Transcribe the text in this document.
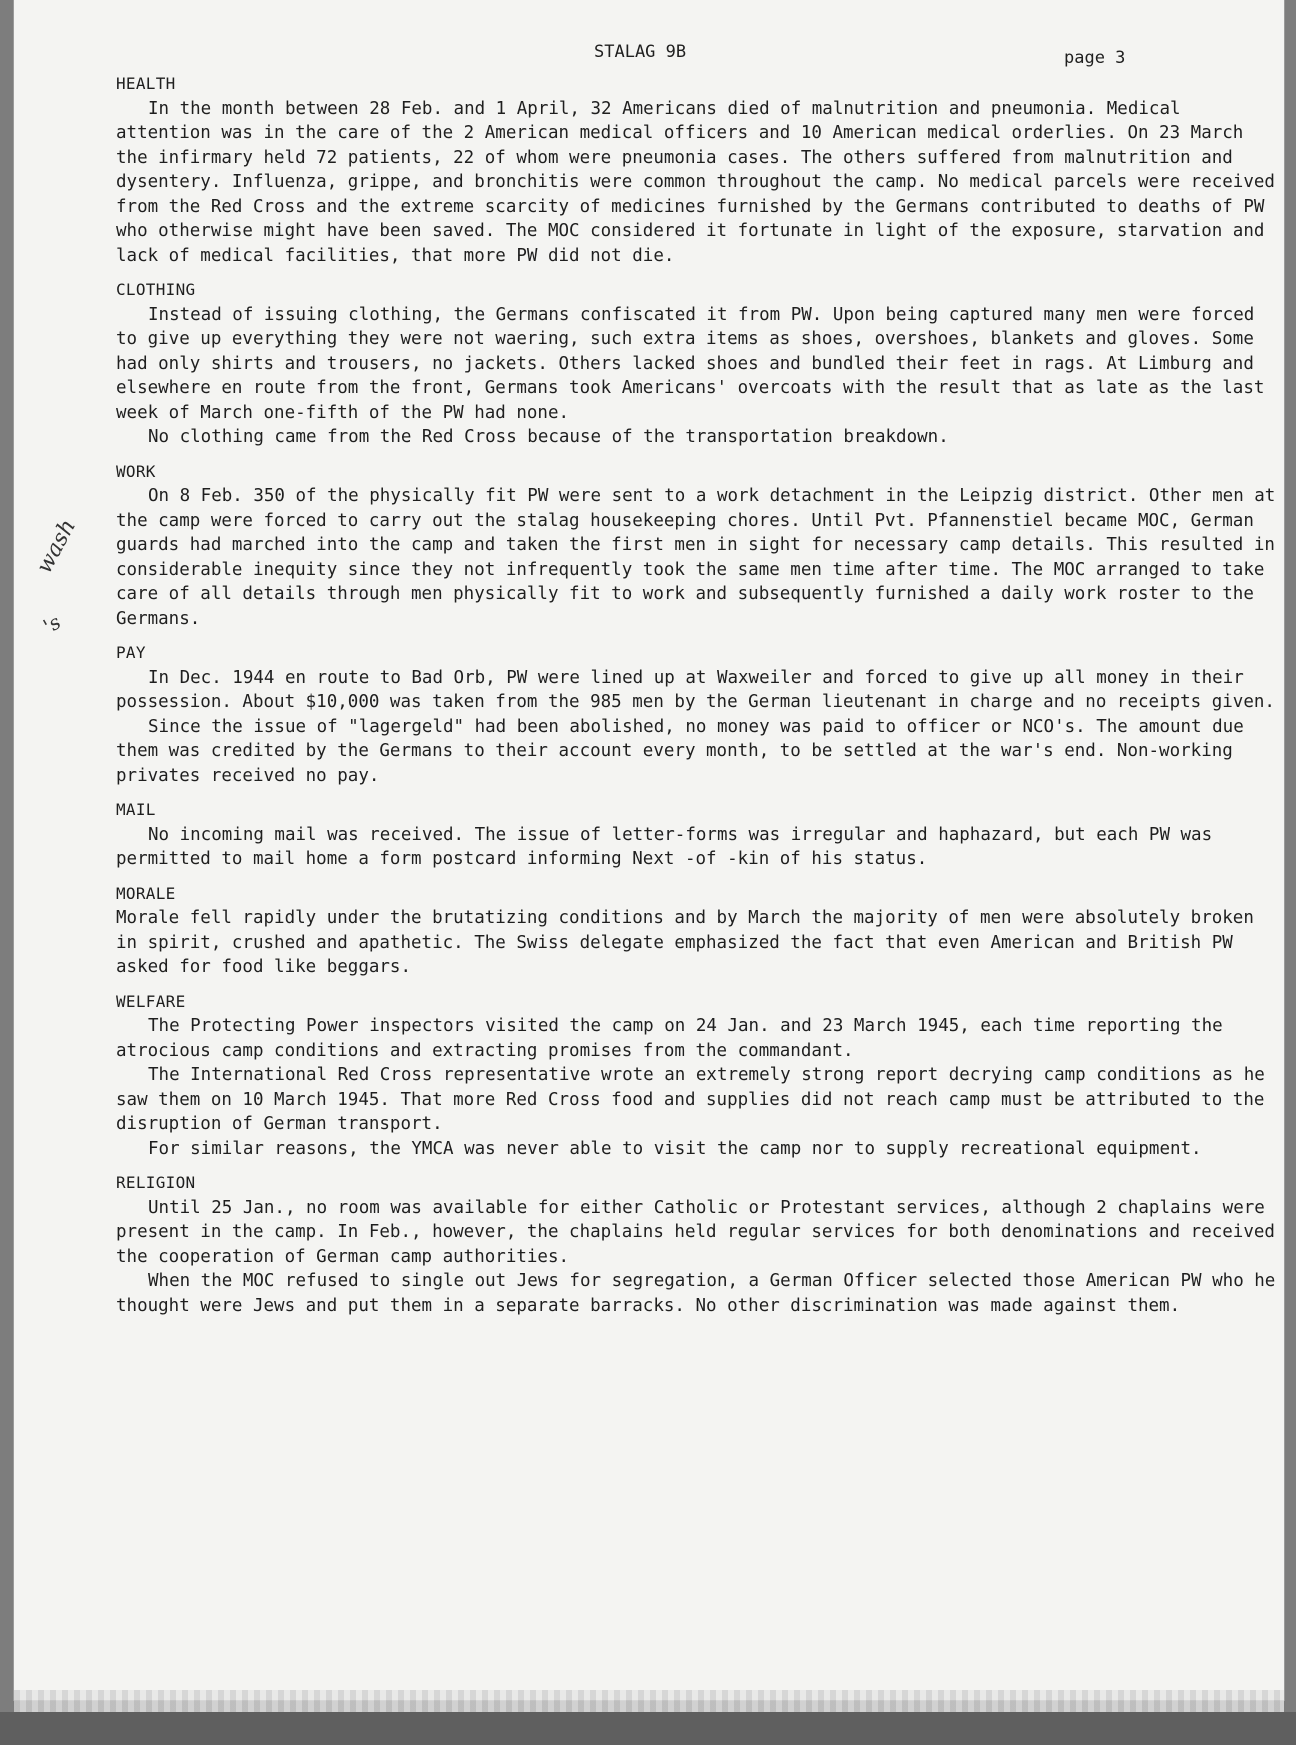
STALAG 9B	page 3
wash
's
HEALTH

In the month between 28 Feb. and 1 April, 32 Americans died of malnutrition and pneumonia. Medical attention was in the care of the 2 American medical officers and 10 American medical orderlies. On 23 March the infirmary held 72 patients, 22 of whom were pneumonia cases. The others suffered from malnutrition and dysentery. Influenza, grippe, and bronchitis were common throughout the camp. No medical parcels were received from the Red Cross and the extreme scarcity of medicines furnished by the Germans contributed to deaths of PW who otherwise might have been saved. The MOC considered it fortunate in light of the exposure, starvation and lack of medical facilities, that more PW did not die.

CLOTHING

Instead of issuing clothing, the Germans confiscated it from PW. Upon being captured many men were forced to give up everything they were not waering, such extra items as shoes, overshoes, blankets and gloves. Some had only shirts and trousers, no jackets. Others lacked shoes and bundled their feet in rags. At Limburg and elsewhere en route from the front, Germans took Americans' overcoats with the result that as late as the last week of March one-fifth of the PW had none.

No clothing came from the Red Cross because of the transportation breakdown.

WORK

On 8 Feb. 350 of the physically fit PW were sent to a work detachment in the Leipzig district. Other men at the camp were forced to carry out the stalag housekeeping chores. Until Pvt. Pfannenstiel became MOC, German guards had marched into the camp and taken the first men in sight for necessary camp details. This resulted in considerable inequity since they not infrequently took the same men time after time. The MOC arranged to take care of all details through men physically fit to work and subsequently furnished a daily work roster to the Germans.

PAY

In Dec. 1944 en route to Bad Orb, PW were lined up at Waxweiler and forced to give up all money in their possession. About $10,000 was taken from the 985 men by the German lieutenant in charge and no receipts given.

Since the issue of "lagergeld" had been abolished, no money was paid to officer or NCO's. The amount due them was credited by the Germans to their account every month, to be settled at the war's end. Non-working privates received no pay.

MAIL

No incoming mail was received. The issue of letter-forms was irregular and haphazard, but each PW was permitted to mail home a form postcard informing Next -of -kin of his status.

MORALE

Morale fell rapidly under the brutatizing conditions and by March the majority of men were absolutely broken in spirit, crushed and apathetic. The Swiss delegate emphasized the fact that even American and British PW asked for food like beggars.

WELFARE

The Protecting Power inspectors visited the camp on 24 Jan. and 23 March 1945, each time reporting the atrocious camp conditions and extracting promises from the commandant.

The International Red Cross representative wrote an extremely strong report decrying camp conditions as he saw them on 10 March 1945. That more Red Cross food and supplies did not reach camp must be attributed to the disruption of German transport.

For similar reasons, the YMCA was never able to visit the camp nor to supply recreational equipment.

RELIGION

Until 25 Jan., no room was available for either Catholic or Protestant services, although 2 chaplains were present in the camp. In Feb., however, the chaplains held regular services for both denominations and received the cooperation of German camp authorities.

When the MOC refused to single out Jews for segregation, a German Officer selected those American PW who he thought were Jews and put them in a separate barracks. No other discrimination was made against them.
